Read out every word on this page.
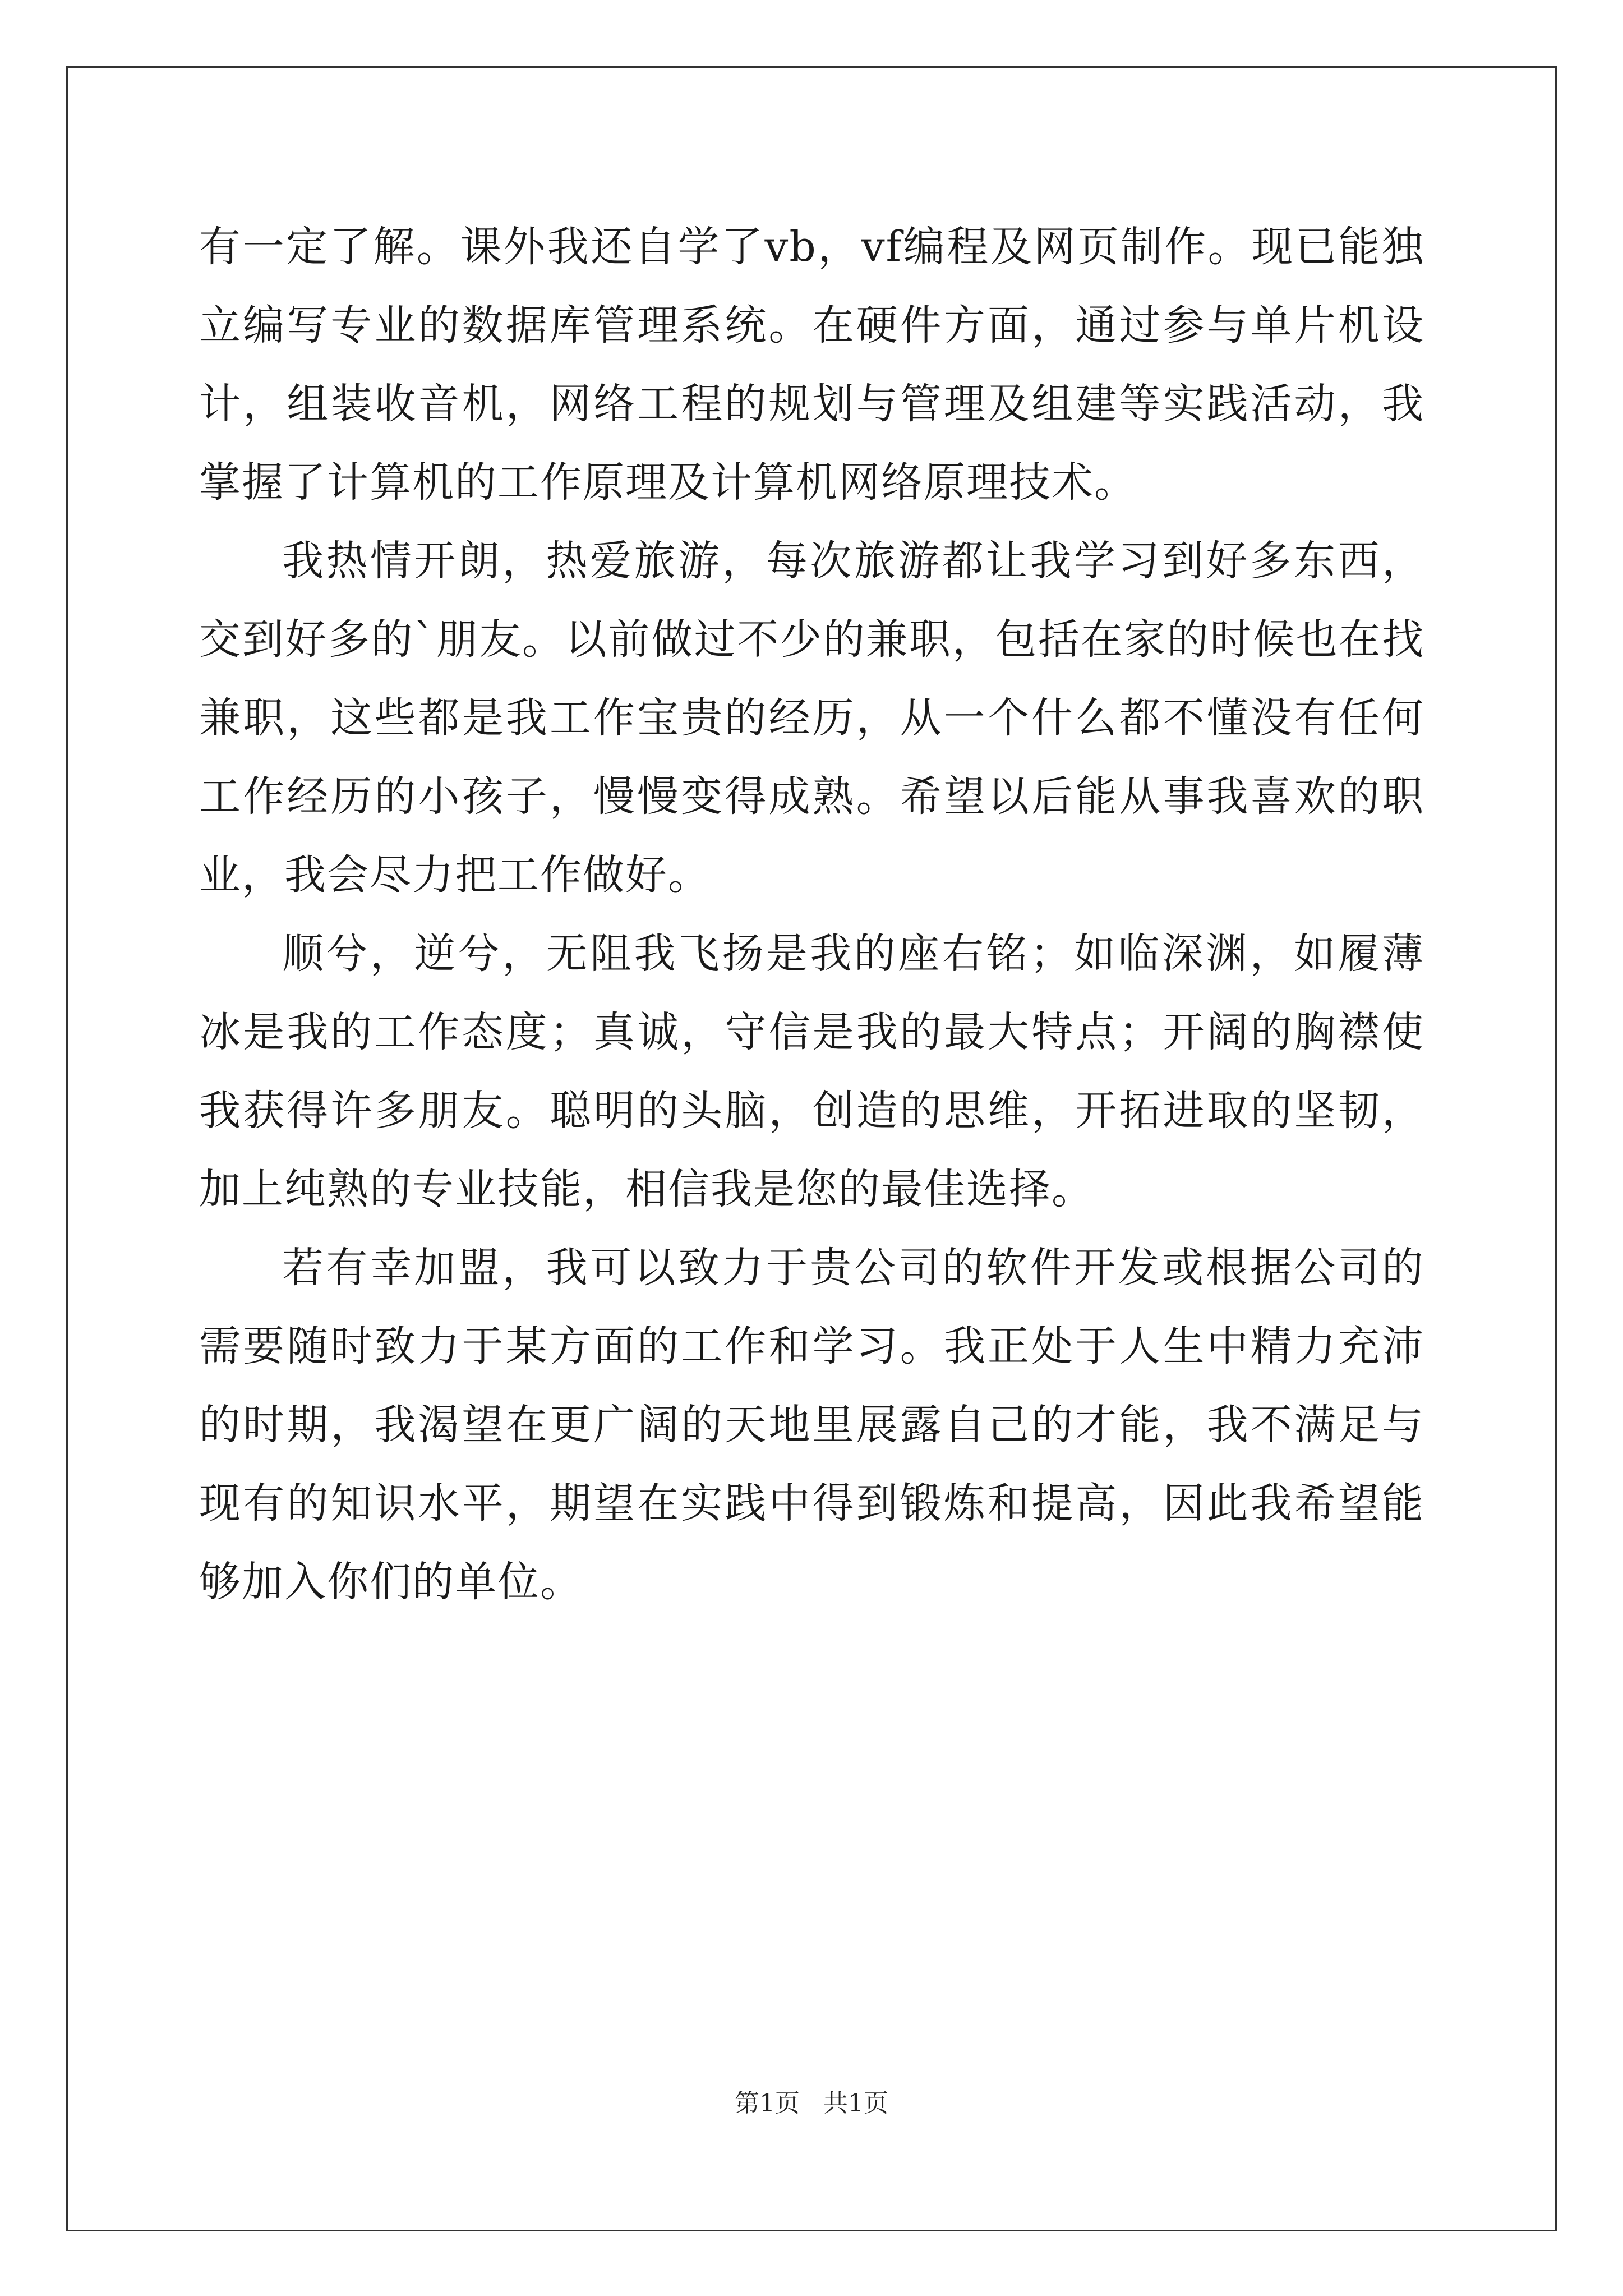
有一定了解。课外我还自学了vb，vf编程及网页制作。现已能独立编写专业的数据库管理系统。在硬件方面，通过参与单片机设计，组装收音机，网络工程的规划与管理及组建等实践活动，我掌握了计算机的工作原理及计算机网络原理技术。

我热情开朗，热爱旅游，每次旅游都让我学习到好多东西，交到好多的`朋友。以前做过不少的兼职，包括在家的时候也在找兼职，这些都是我工作宝贵的经历，从一个什么都不懂没有任何工作经历的小孩子，慢慢变得成熟。希望以后能从事我喜欢的职业，我会尽力把工作做好。

顺兮，逆兮，无阻我飞扬是我的座右铭；如临深渊，如履薄冰是我的工作态度；真诚，守信是我的最大特点；开阔的胸襟使我获得许多朋友。聪明的头脑，创造的思维，开拓进取的坚韧，加上纯熟的专业技能，相信我是您的最佳选择。

若有幸加盟，我可以致力于贵公司的软件开发或根据公司的需要随时致力于某方面的工作和学习。我正处于人生中精力充沛的时期，我渴望在更广阔的天地里展露自己的才能，我不满足与现有的知识水平，期望在实践中得到锻炼和提高，因此我希望能够加入你们的单位。

第1页 共1页
